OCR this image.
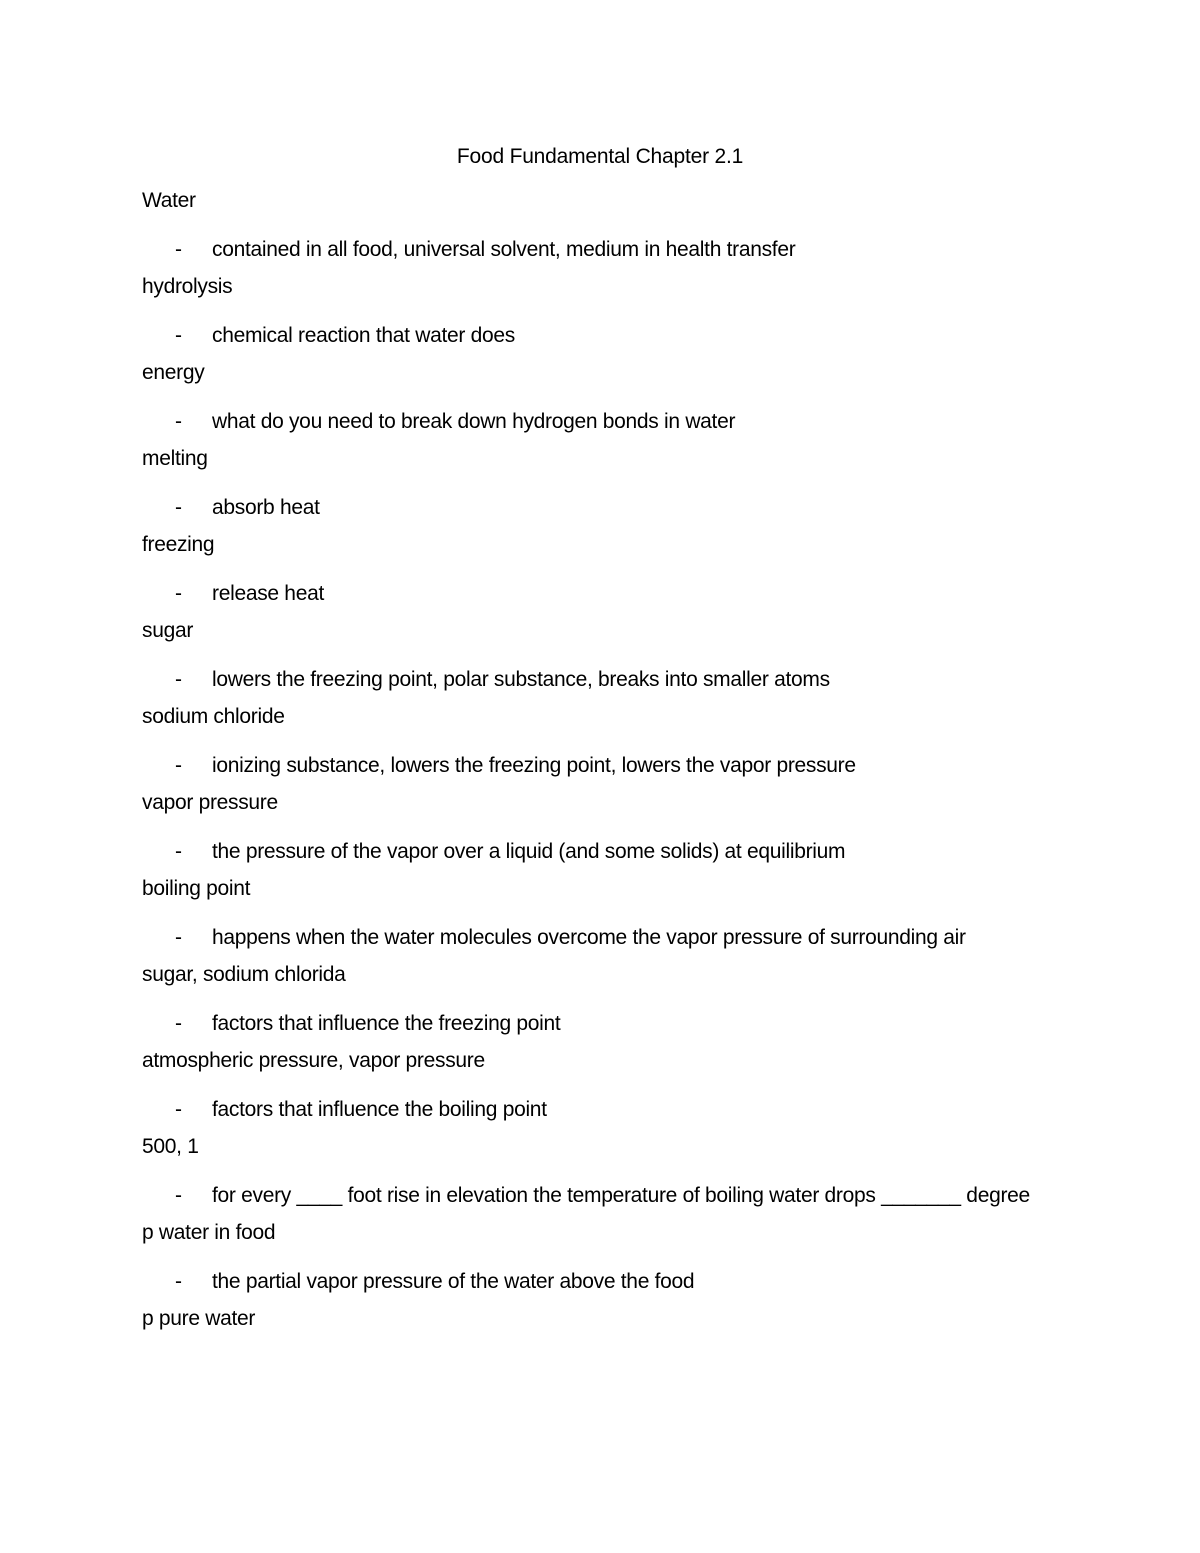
Food Fundamental Chapter 2.1
Water
- contained in all food, universal solvent, medium in health transfer
hydrolysis
- chemical reaction that water does
energy
- what do you need to break down hydrogen bonds in water
melting
- absorb heat
freezing
- release heat
sugar
- lowers the freezing point, polar substance, breaks into smaller atoms
sodium chloride
- ionizing substance, lowers the freezing point, lowers the vapor pressure
vapor pressure
- the pressure of the vapor over a liquid (and some solids) at equilibrium
boiling point
- happens when the water molecules overcome the vapor pressure of surrounding air
sugar, sodium chlorida
- factors that influence the freezing point
atmospheric pressure, vapor pressure
- factors that influence the boiling point
500, 1
- for every ____ foot rise in elevation the temperature of boiling water drops _______ degree
p water in food
- the partial vapor pressure of the water above the food
p pure water
